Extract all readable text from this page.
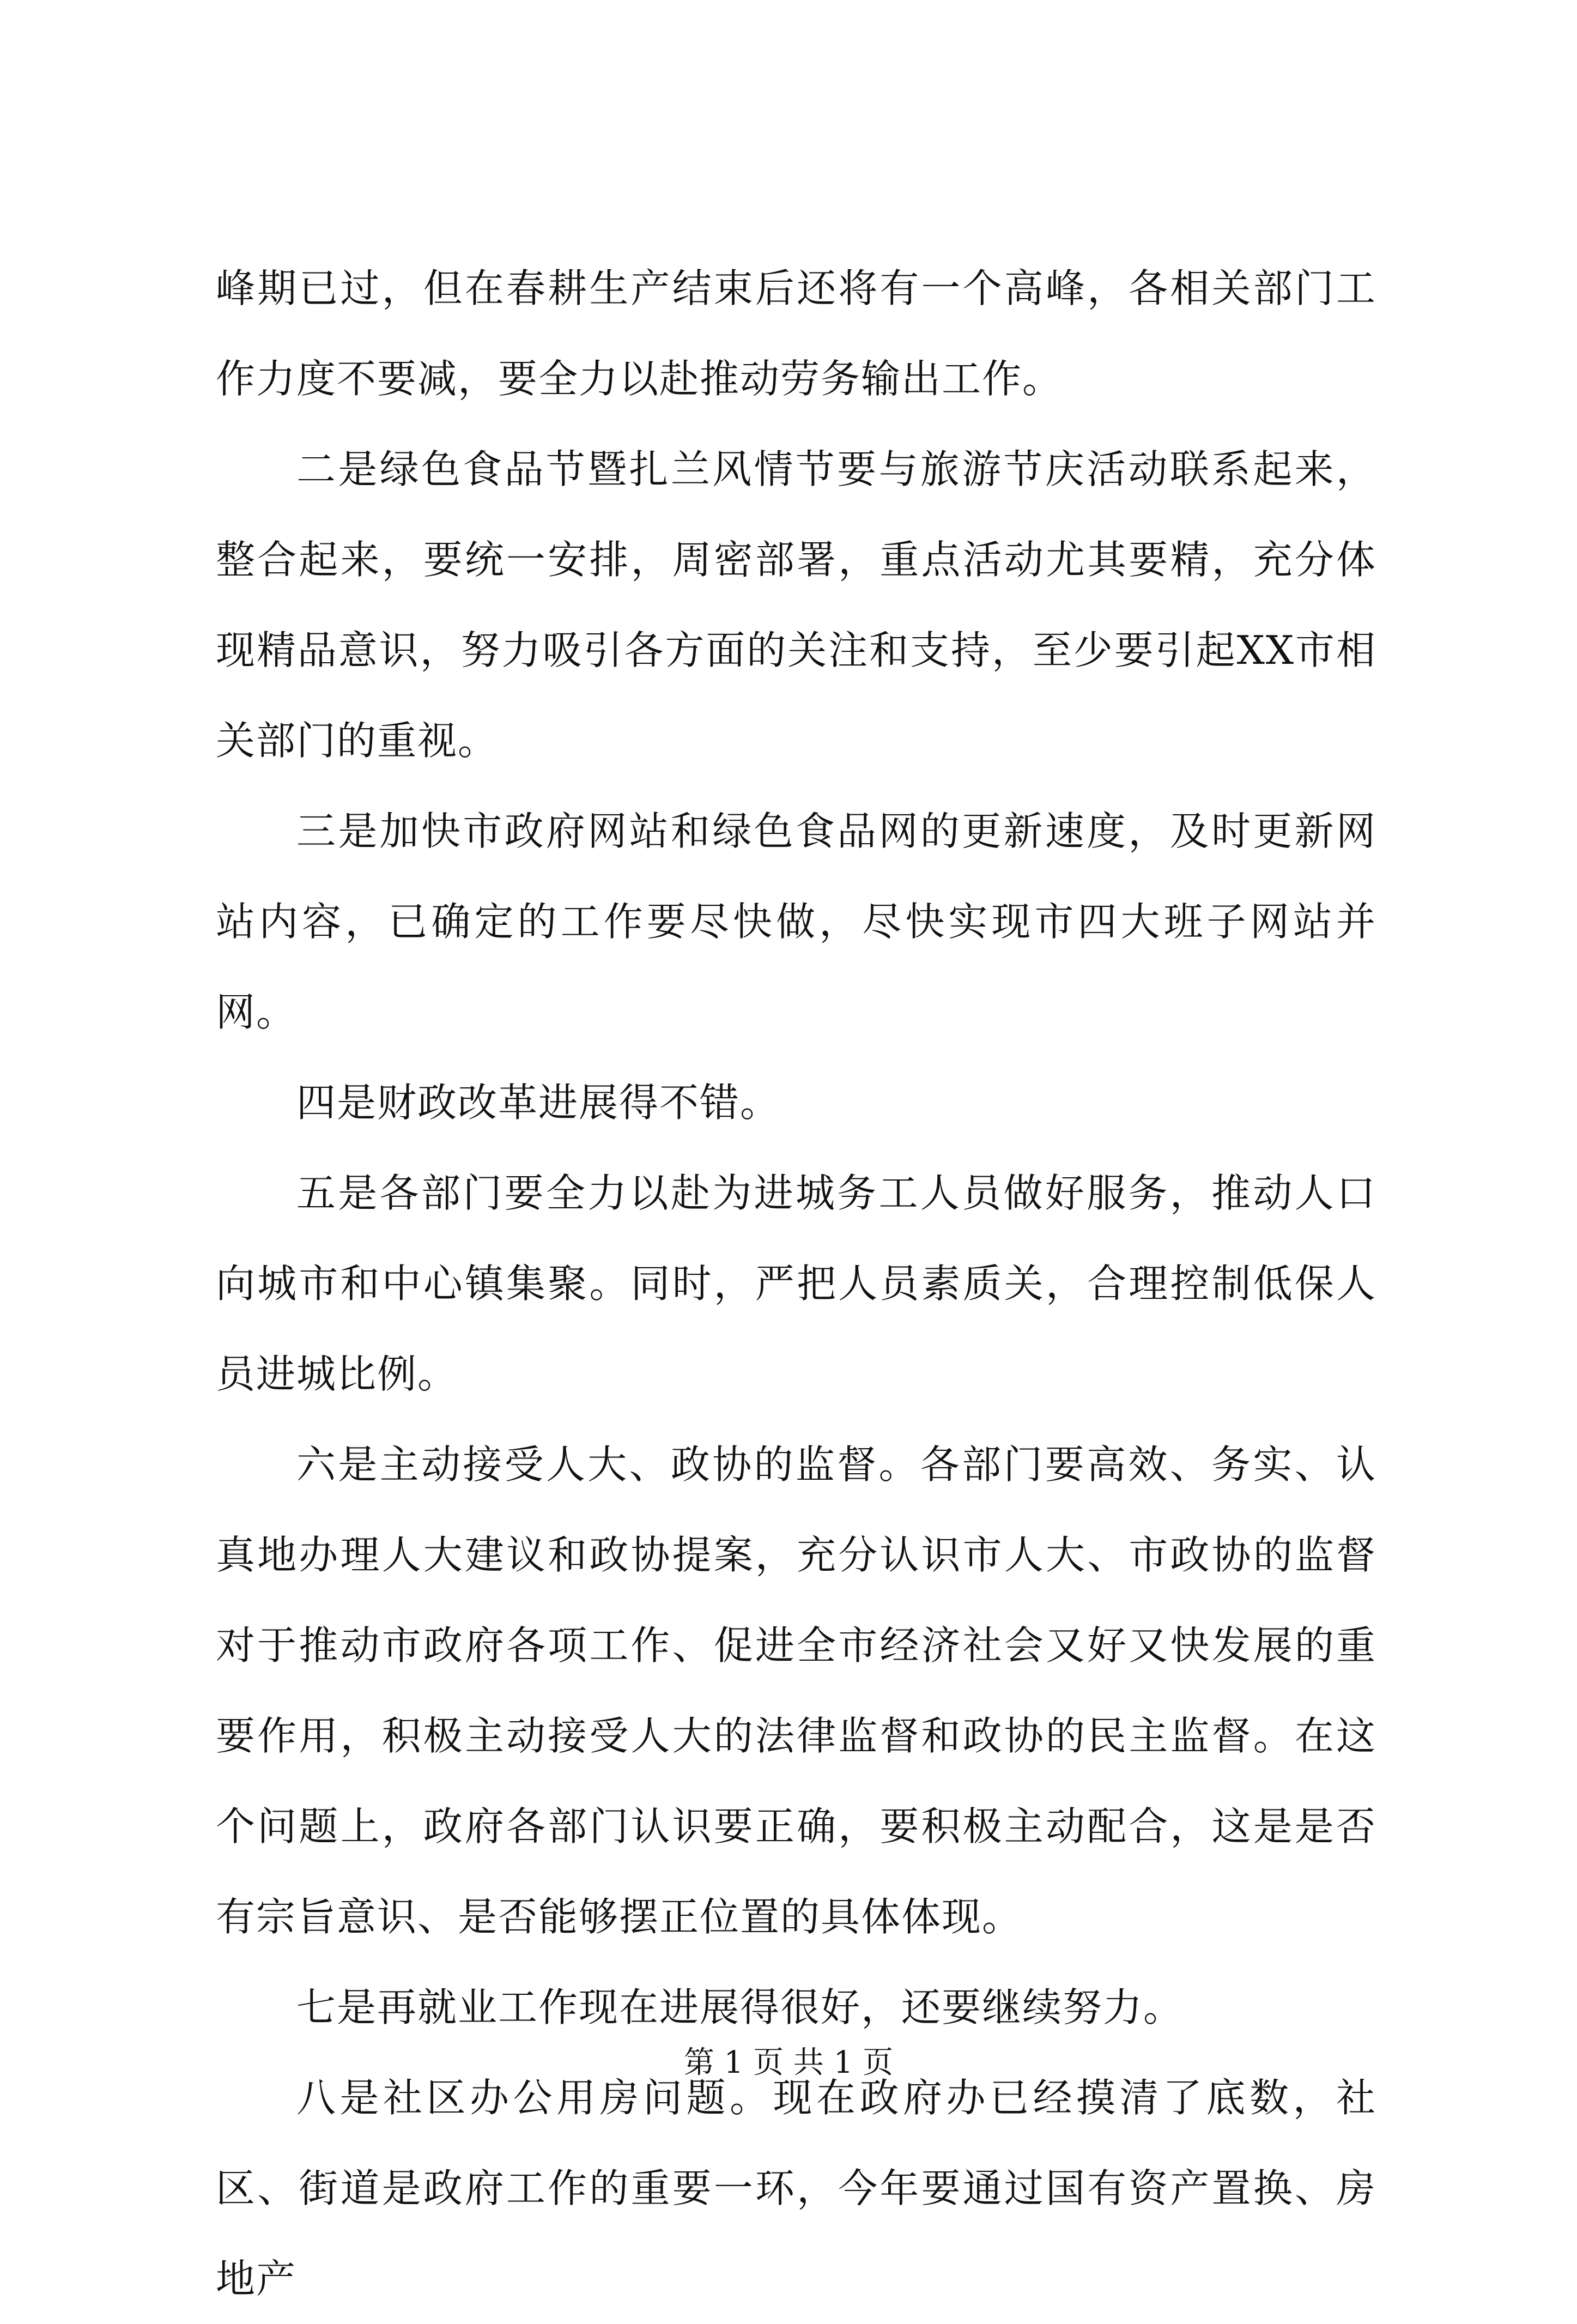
峰期已过，但在春耕生产结束后还将有一个高峰，各相关部门工作力度不要减，要全力以赴推动劳务输出工作。

二是绿色食品节暨扎兰风情节要与旅游节庆活动联系起来，整合起来，要统一安排，周密部署，重点活动尤其要精，充分体现精品意识，努力吸引各方面的关注和支持，至少要引起XX市相关部门的重视。

三是加快市政府网站和绿色食品网的更新速度，及时更新网站内容，已确定的工作要尽快做，尽快实现市四大班子网站并网。

四是财政改革进展得不错。

五是各部门要全力以赴为进城务工人员做好服务，推动人口向城市和中心镇集聚。同时，严把人员素质关，合理控制低保人员进城比例。

六是主动接受人大、政协的监督。各部门要高效、务实、认真地办理人大建议和政协提案，充分认识市人大、市政协的监督对于推动市政府各项工作、促进全市经济社会又好又快发展的重要作用，积极主动接受人大的法律监督和政协的民主监督。在这个问题上，政府各部门认识要正确，要积极主动配合，这是是否有宗旨意识、是否能够摆正位置的具体体现。

七是再就业工作现在进展得很好，还要继续努力。

八是社区办公用房问题。现在政府办已经摸清了底数，社区、街道是政府工作的重要一环，今年要通过国有资产置换、房地产

第 1 页 共 1 页
